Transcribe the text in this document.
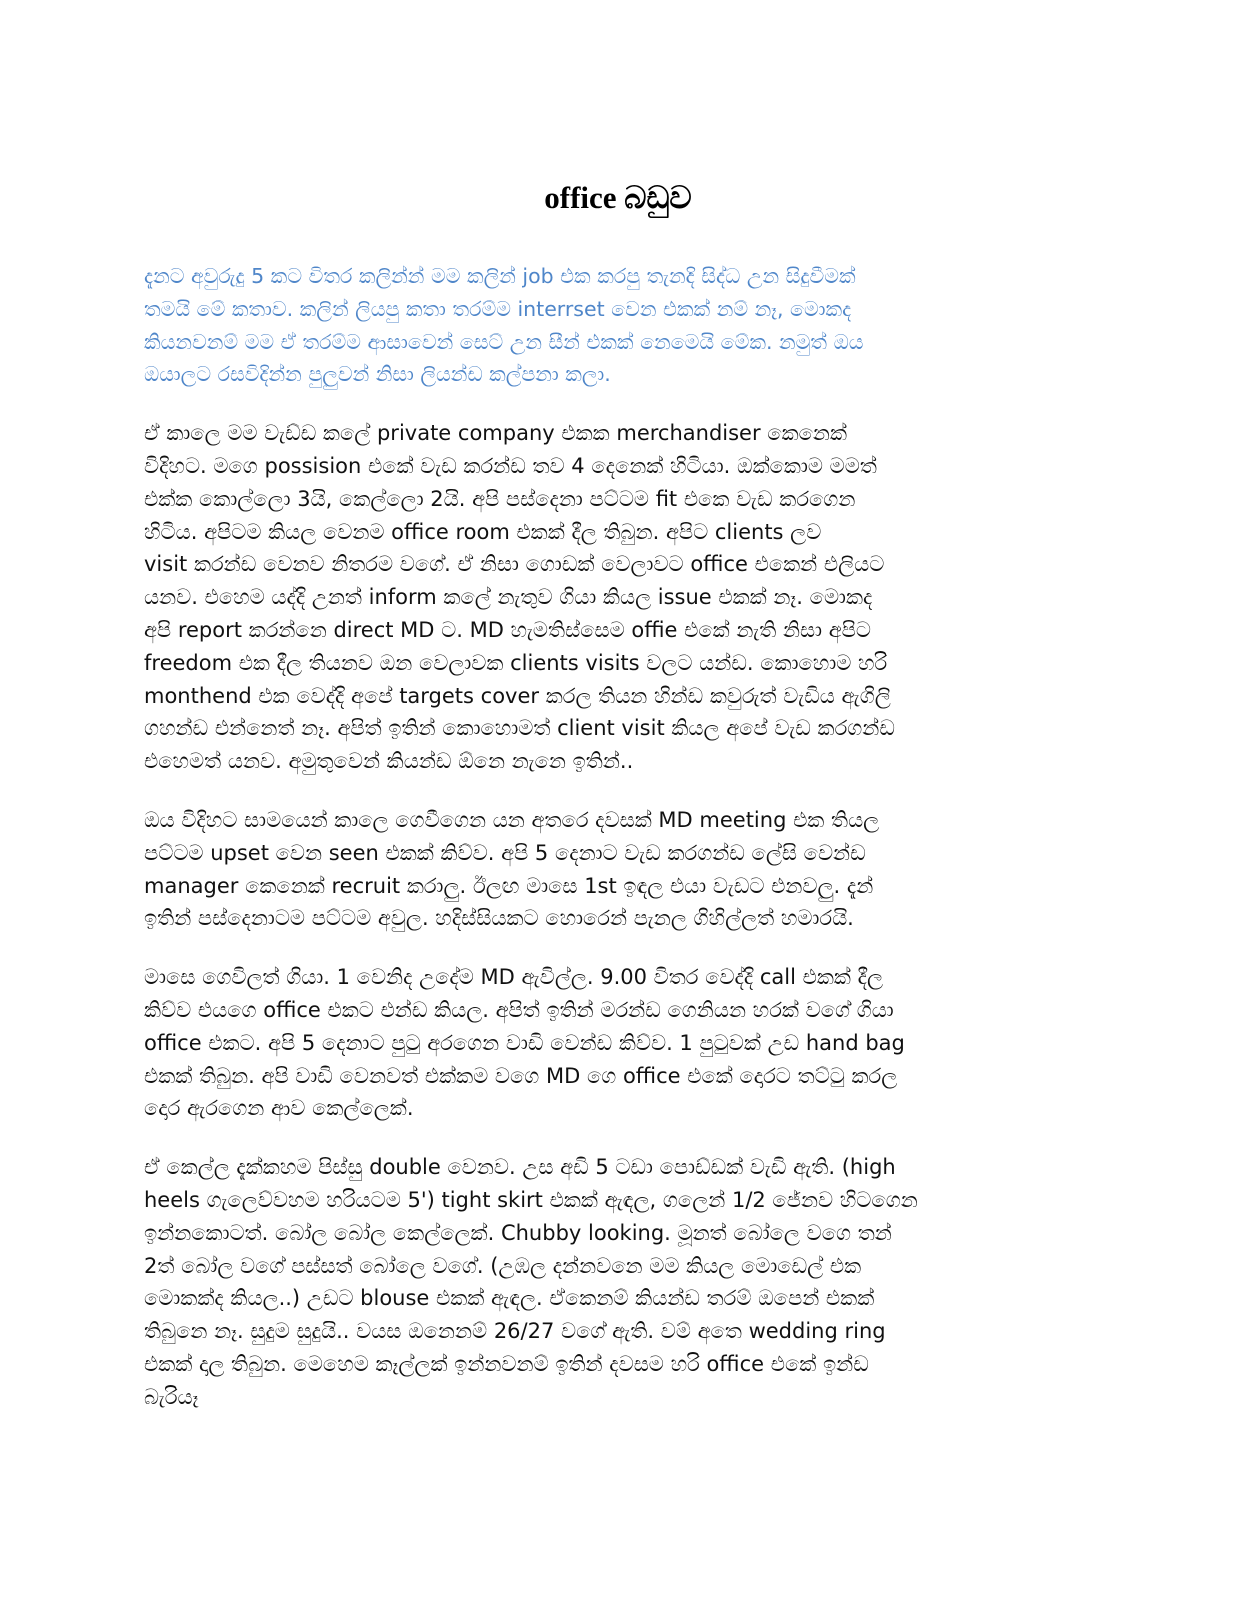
office බඩුව
දැනට අවුරුදු 5 කට විතර කලින්න් මම කලින් job එක කරපු තැනදි සිද්ධ උන සිදුවීමක්
තමයි මේ කතාව. කලින් ලියපු කතා තරම්ම interrset වෙන එකක් නම් නෑ, මොකද
කියනවනම් මම ඒ තරම්ම ආසාවෙන් සෙට් උන සීන් එකක් නෙමෙයි මේක. නමුත් ඔය
ඔයාලට රසවිදින්න පුලුවන් නිසා ලියන්ඩ කල්පනා කලා.
ඒ කාලෙ මම වැඩ්ඩ කලේ private company එකක merchandiser කෙනෙක්
විදිහට. මගෙ possision එකේ වැඩ කරන්ඩ තව 4 දෙනෙක් හිටියා. ඔක්කොම මමත්
එක්ක කොල්ලො 3යි, කෙල්ලො 2යි. අපි පස්දෙනා පට්ටම fit එකෙ වැඩ කරගෙන
හිටිය. අපිටම කියල වෙනම office room එකක් දීල තිබුන. අපිට clients ලව
visit කරන්ඩ වෙනව නිතරම වගේ. ඒ නිසා ගොඩක් වෙලාවට office එකෙන් එලියට
යනව. එහෙම යද්දි උනත් inform කලේ නැතුව ගියා කියල issue එකක් නෑ. මොකද
අපි report කරන්නෙ direct MD ට. MD හැමතිස්සෙම offie එකේ නැති නිසා අපිට
freedom එක දීල තියනව ඔන වෙලාවක clients visits වලට යන්ඩ. කොහොම හරි
monthend එක වෙද්දි අපේ targets cover කරල තියන හින්ඩ කවුරුත් වැඩිය ඇගිලි
ගහන්ඩ එන්නෙත් නෑ. අපිත් ඉතින් කොහොමත් client visit කියල අපේ වැඩ කරගන්ඩ
එහෙමත් යනව. අමුතුවෙන් කියන්ඩ ඕනෙ නැනෙ ඉතින්..
ඔය විදිහට සාමයෙන් කාලෙ ගෙවීගෙන යන අතරෙ දවසක් MD meeting එක තියල
පට්ටම upset වෙන seen එකක් කිව්ව. අපි 5 දෙනාට වැඩ කරගන්ඩ ලේසි වෙන්ඩ
manager කෙනෙක් recruit කරාලු. ඊලඟ මාසෙ 1st ඉඳල එයා වැඩට එනවලු. දැන්
ඉතින් පස්දෙනාටම පට්ටම අවුල. හදිස්සියකට හොරෙන් පැනල ගිහිල්ලත් හමාරයි.
මාසෙ ගෙවිලත් ගියා. 1 වෙනිද උදේම MD ඇවිල්ල. 9.00 විතර වෙද්දි call එකක් දීල
කිව්ව එයගෙ office එකට එන්ඩ කියල. අපිත් ඉතින් මරන්ඩ ගෙනියන හරක් වගේ ගියා
office එකට. අපි 5 දෙනාට පුටු අරගෙන වාඩි වෙන්ඩ කිව්ව. 1 පුටුවක් උඩ hand bag
එකක් තිබුන. අපි වාඩි වෙනවත් එක්කම වගෙ MD ගෙ office එකේ දොරට තට්ටු කරල
දොර ඇරගෙන ආව කෙල්ලෙක්.
ඒ කෙල්ල දැක්කහම පිස්සු double වෙනව. උස අඩි 5 ටඩා පොඩ්ඩක් වැඩි ඇති. (high
heels ගැලෙව්වහම හරියටම 5') tight skirt එකක් ඇඳල, ගලෙන් 1/2 ජේනව හිටගෙන
ඉන්නකොටත්. බෝල බෝල කෙල්ලෙක්. Chubby looking. මූනත් බෝලෙ වගෙ තන්
2ත් බෝල වගේ පස්සත් බෝලෙ වගේ. (උඹල දන්නවනෙ මම කියල මොඩෙල් එක
මොකක්ද කියල..) උඩට blouse එකක් ඇඳල. ඒකෙනම් කියන්ඩ තරම් ඔපෙන් එකක්
තිබුනෙ නෑ. සුදුම සුදුයි.. වයස ඔනෙනම් 26/27 වගේ ඇති. වම් අතෙ wedding ring
එකක් දාල තිබුන. මෙහෙම කෑල්ලක් ඉන්නවනම් ඉතින් දවසම හරි office එකේ ඉන්ඩ
බැරියෑ
